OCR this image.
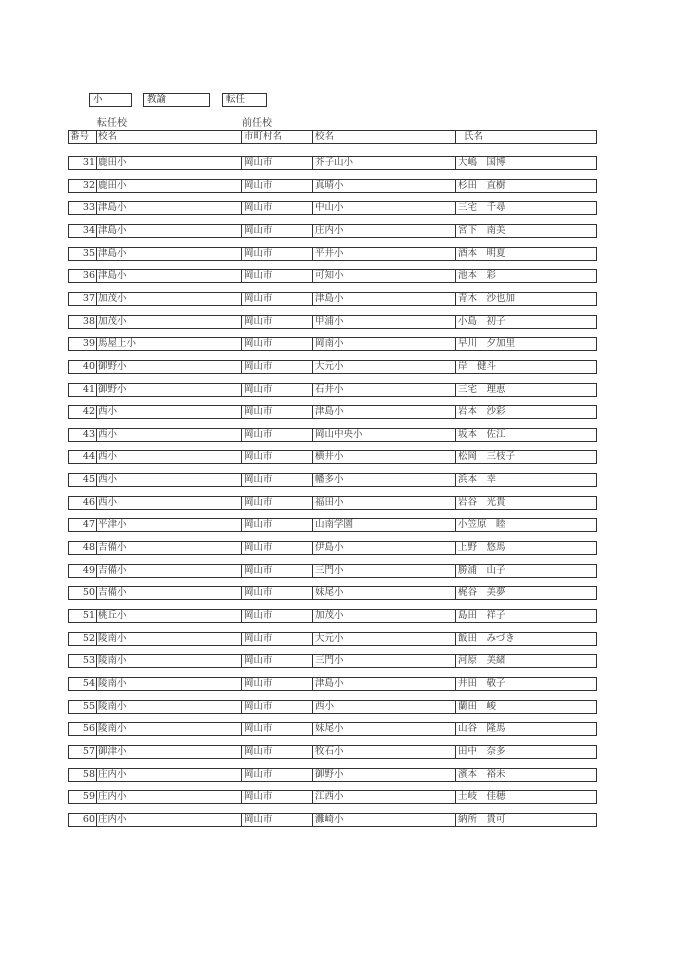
小	教諭	転任
転任校	前任校
番号 校名	市町村名	校名	氏名
31 鹿田小	岡山市	芥子山小	大嶋　国博
32 鹿田小	岡山市	真晴小	杉田　直樹
33 津島小	岡山市	中山小	三宅　千尋
34 津島小	岡山市	庄内小	宮下　南美
35 津島小	岡山市	平井小	酒本　明夏
36 津島小	岡山市	可知小	池本　彩
37 加茂小	岡山市	津島小	青木　沙也加
38 加茂小	岡山市	甲浦小	小島　初子
39 馬屋上小	岡山市	岡南小	早川　夕加里
40 御野小	岡山市	大元小	岸　健斗
41 御野小	岡山市	石井小	三宅　理恵
42 西小	岡山市	津島小	岩本　沙彩
43 西小	岡山市	岡山中央小	坂本　佐江
44 西小	岡山市	横井小	松岡　三枝子
45 西小	岡山市	幡多小	浜本　幸
46 西小	岡山市	福田小	岩谷　光貴
47 平津小	岡山市	山南学園	小笠原　睦
48 吉備小	岡山市	伊島小	上野　悠馬
49 吉備小	岡山市	三門小	勝浦　山子
50 吉備小	岡山市	妹尾小	梶谷　美夢
51 桃丘小	岡山市	加茂小	島田　祥子
52 陵南小	岡山市	大元小	飯田　みづき
53 陵南小	岡山市	三門小	河原　美緒
54 陵南小	岡山市	津島小	井田　敬子
55 陵南小	岡山市	西小	蘭田　峻
56 陵南小	岡山市	妹尾小	山谷　隆馬
57 御津小	岡山市	牧石小	田中　奈多
58 庄内小	岡山市	御野小	濱本　裕未
59 庄内小	岡山市	江西小	土岐　佳穂
60 庄内小	岡山市	灘崎小	納所　貴可
